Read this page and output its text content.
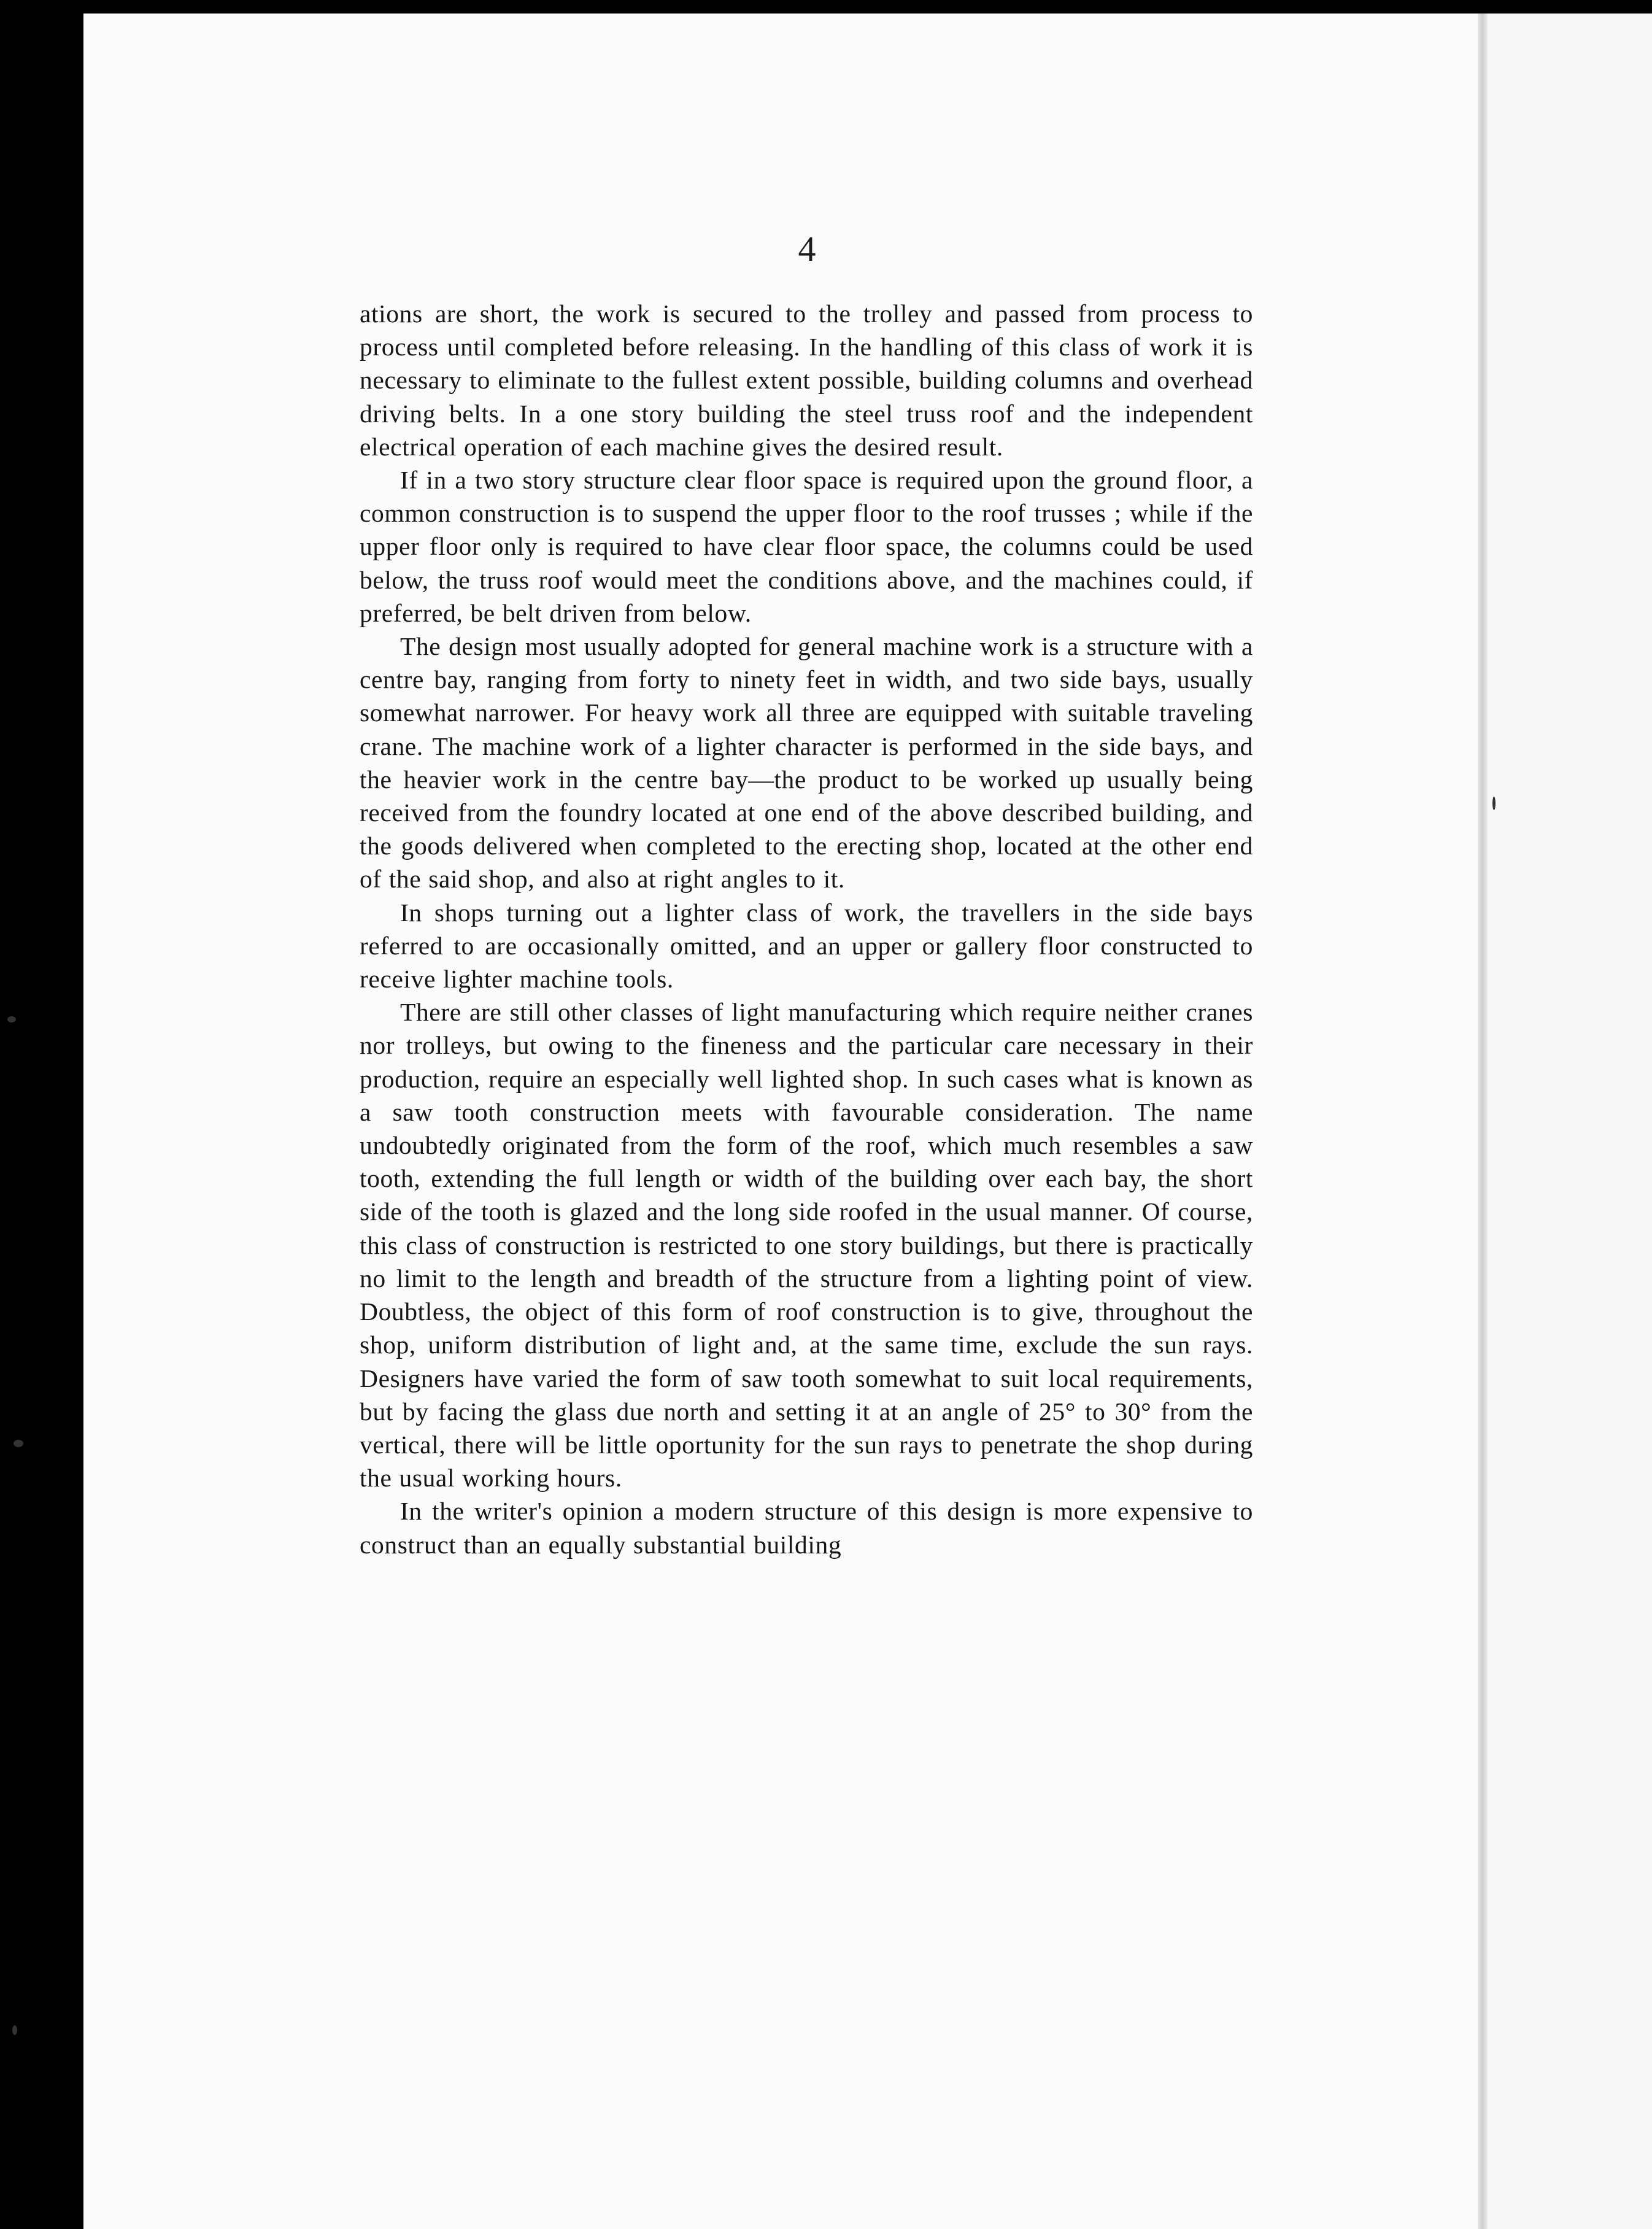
4

ations are short, the work is secured to the trolley and passed from process to process until completed before releasing. In the handling of this class of work it is necessary to eliminate to the fullest extent possible, building columns and overhead driving belts. In a one story building the steel truss roof and the independent electrical operation of each machine gives the desired result.

If in a two story structure clear floor space is required upon the ground floor, a common construction is to suspend the upper floor to the roof trusses ; while if the upper floor only is required to have clear floor space, the columns could be used below, the truss roof would meet the conditions above, and the machines could, if preferred, be belt driven from below.

The design most usually adopted for general machine work is a structure with a centre bay, ranging from forty to ninety feet in width, and two side bays, usually somewhat narrower. For heavy work all three are equipped with suitable traveling crane. The machine work of a lighter character is performed in the side bays, and the heavier work in the centre bay—the product to be worked up usually being received from the foundry located at one end of the above described building, and the goods delivered when completed to the erecting shop, located at the other end of the said shop, and also at right angles to it.

In shops turning out a lighter class of work, the travellers in the side bays referred to are occasionally omitted, and an upper or gallery floor constructed to receive lighter machine tools.

There are still other classes of light manufacturing which require neither cranes nor trolleys, but owing to the fineness and the particular care necessary in their production, require an especially well lighted shop. In such cases what is known as a saw tooth construction meets with favourable consideration. The name undoubtedly originated from the form of the roof, which much resembles a saw tooth, extending the full length or width of the building over each bay, the short side of the tooth is glazed and the long side roofed in the usual manner. Of course, this class of construction is restricted to one story buildings, but there is practically no limit to the length and breadth of the structure from a lighting point of view. Doubtless, the object of this form of roof construction is to give, throughout the shop, uniform distribution of light and, at the same time, exclude the sun rays. Designers have varied the form of saw tooth somewhat to suit local requirements, but by facing the glass due north and setting it at an angle of 25° to 30° from the vertical, there will be little oportunity for the sun rays to penetrate the shop during the usual working hours.

In the writer's opinion a modern structure of this design is more expensive to construct than an equally substantial building
